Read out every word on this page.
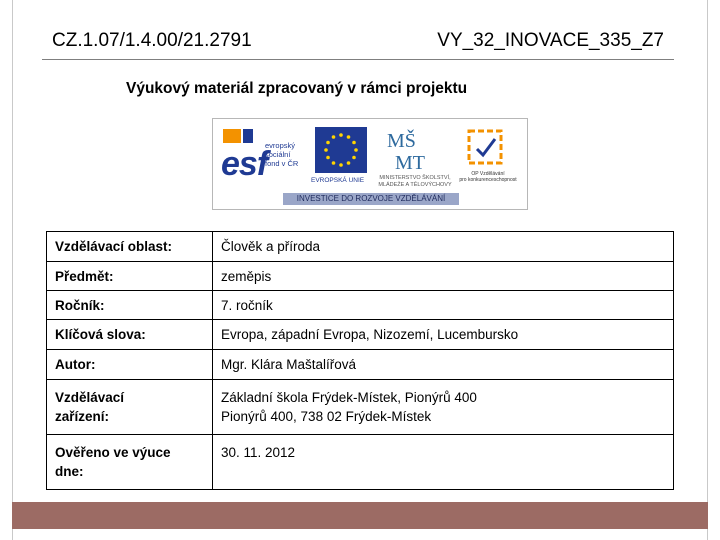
CZ.1.07/1.4.00/21.2791	VY_32_INOVACE_335_Z7
Výukový materiál zpracovaný v rámci projektu
esf
evropský
sociální
fond v ČR
EVROPSKÁ UNIE
MŠ
MT
MINISTERSTVO ŠKOLSTVÍ,
MLÁDEŽE A TĚLOVÝCHOVY
OP Vzdělávání
pro konkurenceschopnost
INVESTICE DO ROZVOJE VZDĚLÁVÁNÍ
Vzdělávací oblast:	Člověk a příroda
Předmět:	zeměpis
Ročník:	7. ročník
Klíčová slova:	Evropa, západní Evropa, Nizozemí, Lucembursko
Autor:	Mgr. Klára Maštalířová

Vzdělávací
zařízení:	Základní škola Frýdek-Místek, Pionýrů 400
Pionýrů 400, 738 02 Frýdek-Místek

Ověřeno ve výuce
dne:	30. 11. 2012
